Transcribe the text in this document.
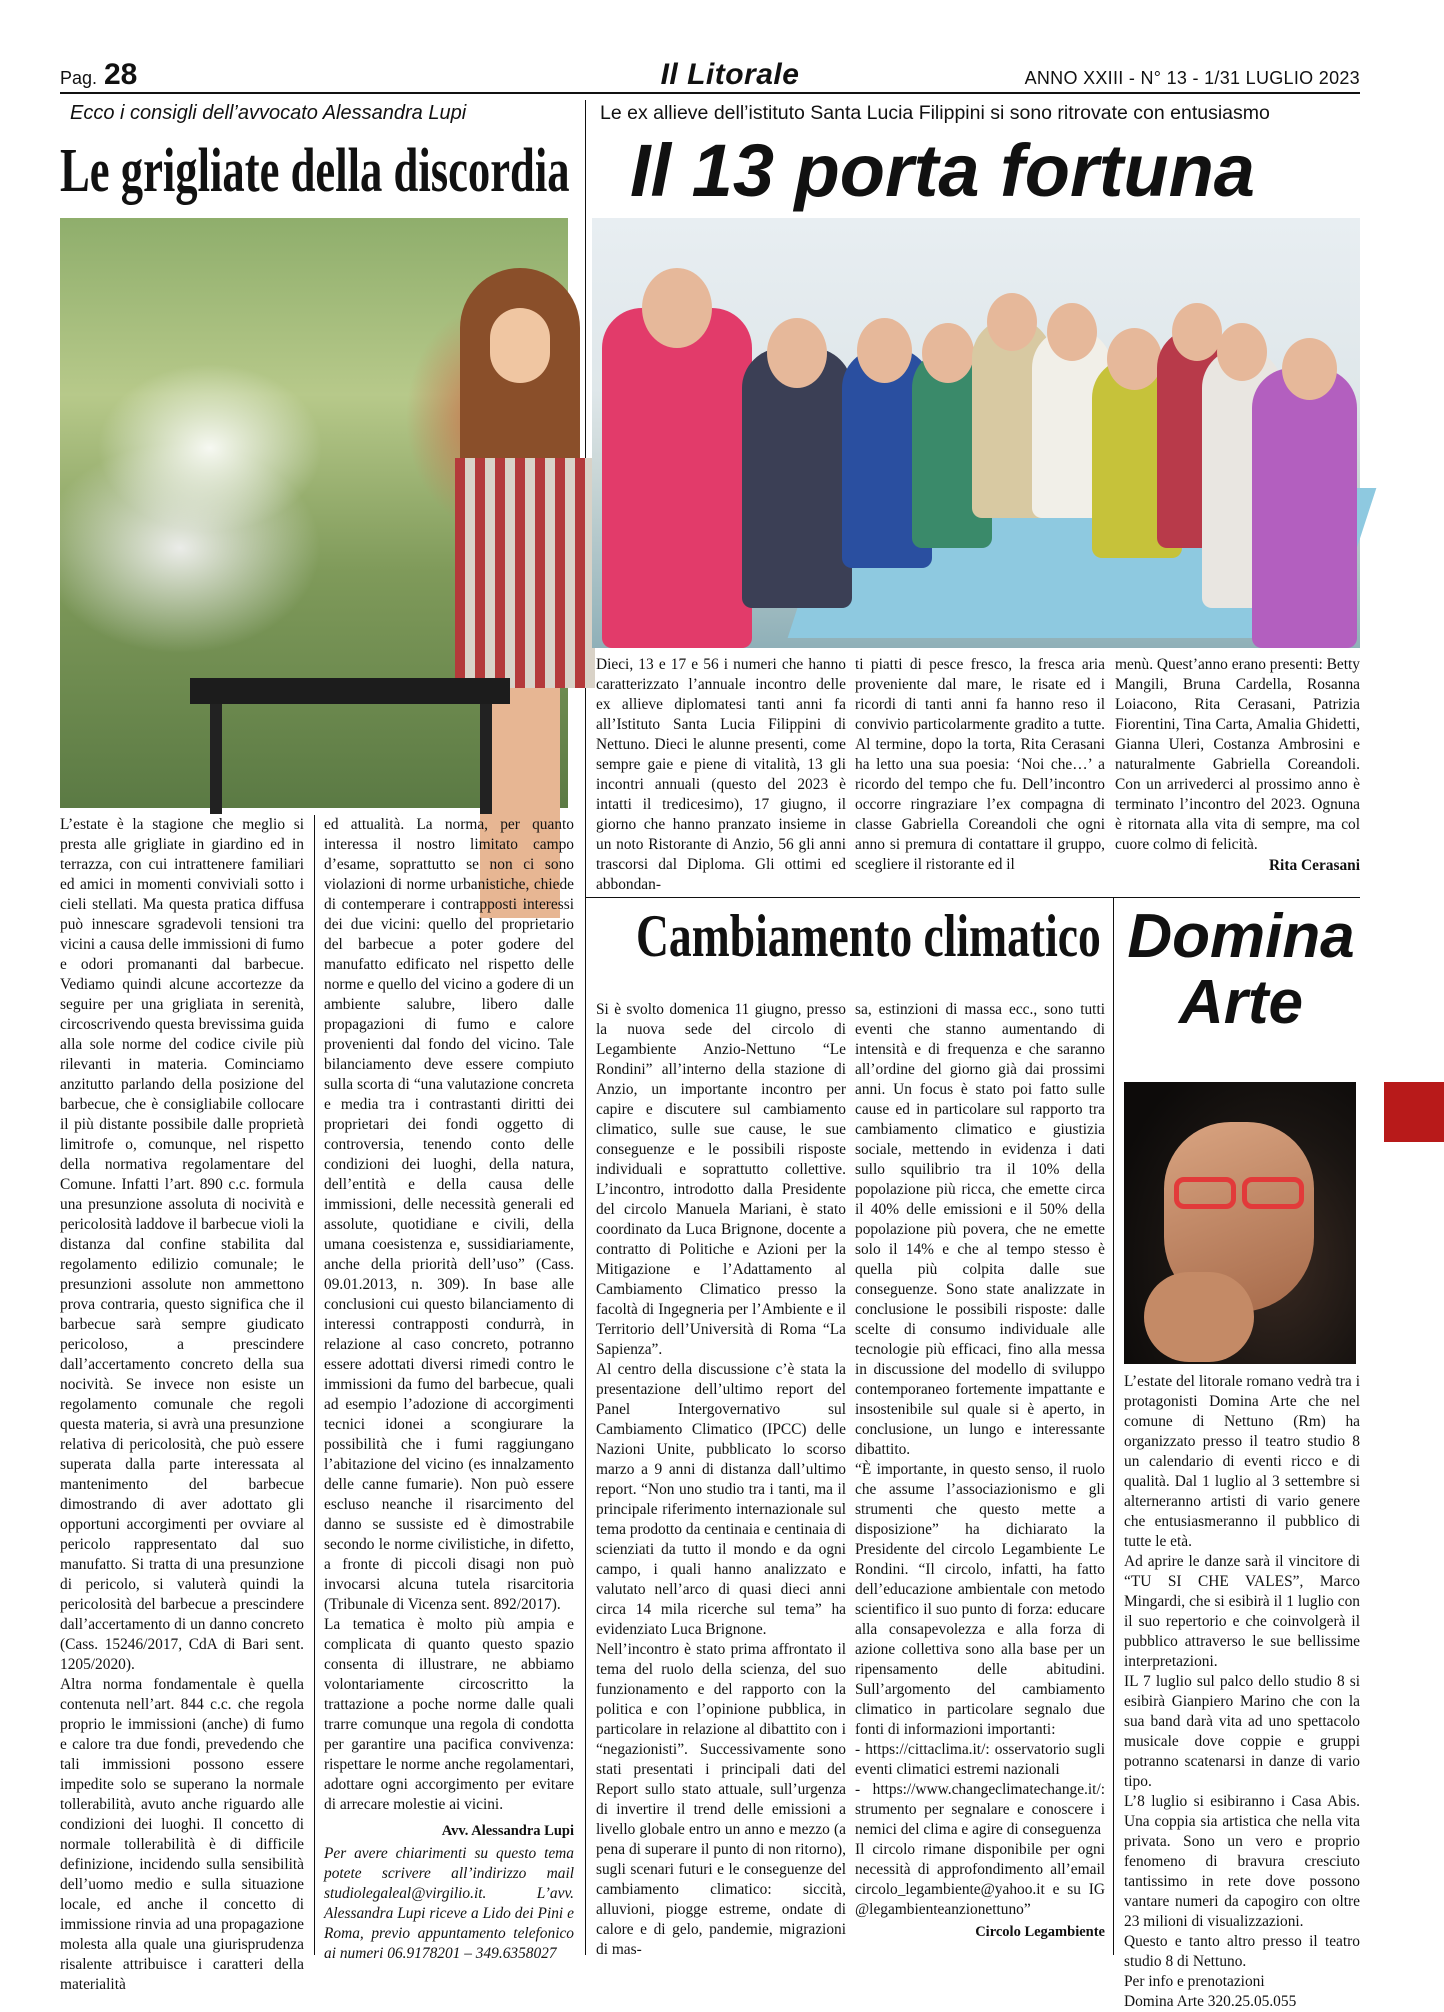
Pag. 28	Il Litorale	ANNO XXIII - N° 13 - 1/31 LUGLIO 2023
Ecco i consigli dell’avvocato Alessandra Lupi
Le grigliate della discordia

L’estate è la stagione che meglio si presta alle grigliate in giardino ed in terrazza, con cui intrattenere familiari ed amici in momenti conviviali sotto i cieli stellati. Ma questa pratica diffusa può innescare sgradevoli tensioni tra vicini a causa delle immissioni di fumo e odori promananti dal barbecue. Vediamo quindi alcune accortezze da seguire per una grigliata in serenità, circoscrivendo questa brevissima guida alla sole norme del codice civile più rilevanti in materia. Cominciamo anzitutto parlando della posizione del barbecue, che è consigliabile collocare il più distante possibile dalle proprietà limitrofe o, comunque, nel rispetto della normativa regolamentare del Comune. Infatti l’art. 890 c.c. formula una presunzione assoluta di nocività e pericolosità laddove il barbecue violi la distanza dal confine stabilita dal regolamento edilizio comunale; le presunzioni assolute non ammettono prova contraria, questo significa che il barbecue sarà sempre giudicato pericoloso, a prescindere dall’accertamento concreto della sua nocività. Se invece non esiste un regolamento comunale che regoli questa materia, si avrà una presunzione relativa di pericolosità, che può essere superata dalla parte interessata al mantenimento del barbecue dimostrando di aver adottato gli opportuni accorgimenti per ovviare al pericolo rappresentato dal suo manufatto. Si tratta di una presunzione di pericolo, si valuterà quindi la pericolosità del barbecue a prescindere dall’accertamento di un danno concreto (Cass. 15246/2017, CdA di Bari sent. 1205/2020).

Altra norma fondamentale è quella contenuta nell’art. 844 c.c. che regola proprio le immissioni (anche) di fumo e calore tra due fondi, prevedendo che tali immissioni possono essere impedite solo se superano la normale tollerabilità, avuto anche riguardo alle condizioni dei luoghi. Il concetto di normale tollerabilità è di difficile definizione, incidendo sulla sensibilità dell’uomo medio e sulla situazione locale, ed anche il concetto di immissione rinvia ad una propagazione molesta alla quale una giurisprudenza risalente attribuisce i caratteri della materialità

ed attualità. La norma, per quanto interessa il nostro limitato campo d’esame, soprattutto se non ci sono violazioni di norme urbanistiche, chiede di contemperare i contrapposti interessi dei due vicini: quello del proprietario del barbecue a poter godere del manufatto edificato nel rispetto delle norme e quello del vicino a godere di un ambiente salubre, libero dalle propagazioni di fumo e calore provenienti dal fondo del vicino. Tale bilanciamento deve essere compiuto sulla scorta di “una valutazione concreta e media tra i contrastanti diritti dei proprietari dei fondi oggetto di controversia, tenendo conto delle condizioni dei luoghi, della natura, dell’entità e della causa delle immissioni, delle necessità generali ed assolute, quotidiane e civili, della umana coesistenza e, sussidiariamente, anche della priorità dell’uso” (Cass. 09.01.2013, n. 309). In base alle conclusioni cui questo bilanciamento di interessi contrapposti condurrà, in relazione al caso concreto, potranno essere adottati diversi rimedi contro le immissioni da fumo del barbecue, quali ad esempio l’adozione di accorgimenti tecnici idonei a scongiurare la possibilità che i fumi raggiungano l’abitazione del vicino (es innalzamento delle canne fumarie). Non può essere escluso neanche il risarcimento del danno se sussiste ed è dimostrabile secondo le norme civilistiche, in difetto, a fronte di piccoli disagi non può invocarsi alcuna tutela risarcitoria (Tribunale di Vicenza sent. 892/2017).

La tematica è molto più ampia e complicata di quanto questo spazio consenta di illustrare, ne abbiamo volontariamente circoscritto la trattazione a poche norme dalle quali trarre comunque una regola di condotta per garantire una pacifica convivenza: rispettare le norme anche regolamentari, adottare ogni accorgimento per evitare di arrecare molestie ai vicini.

Avv. Alessandra Lupi
Per avere chiarimenti su questo tema potete scrivere all’indirizzo mail studiolegaleal@virgilio.it. L’avv. Alessandra Lupi riceve a Lido dei Pini e Roma, previo appuntamento telefonico ai numeri 06.9178201 – 349.6358027
Le ex allieve dell’istituto Santa Lucia Filippini si sono ritrovate con entusiasmo
Il 13 porta fortuna

Dieci, 13 e 17 e 56 i numeri che hanno caratterizzato l’annuale incontro delle ex allieve diplomatesi tanti anni fa all’Istituto Santa Lucia Filippini di Nettuno. Dieci le alunne presenti, come sempre gaie e piene di vitalità, 13 gli incontri annuali (questo del 2023 è intatti il tredicesimo), 17 giugno, il giorno che hanno pranzato insieme in un noto Ristorante di Anzio, 56 gli anni trascorsi dal Diploma. Gli ottimi ed abbondan-

ti piatti di pesce fresco, la fresca aria proveniente dal mare, le risate ed i ricordi di tanti anni fa hanno reso il convivio particolarmente gradito a tutte. Al termine, dopo la torta, Rita Cerasani ha letto una sua poesia: ‘Noi che…’ a ricordo del tempo che fu. Dell’incontro occorre ringraziare l’ex compagna di classe Gabriella Coreandoli che ogni anno si premura di contattare il gruppo, scegliere il ristorante ed il

menù. Quest’anno erano presenti: Betty Mangili, Bruna Cardella, Rosanna Loiacono, Rita Cerasani, Patrizia Fiorentini, Tina Carta, Amalia Ghidetti, Gianna Uleri, Costanza Ambrosini e naturalmente Gabriella Coreandoli. Con un arrivederci al prossimo anno è terminato l’incontro del 2023. Ognuna è ritornata alla vita di sempre, ma col cuore colmo di felicità.

Rita Cerasani
Cambiamento climatico

Si è svolto domenica 11 giugno, presso la nuova sede del circolo di Legambiente Anzio-Nettuno “Le Rondini” all’interno della stazione di Anzio, un importante incontro per capire e discutere sul cambiamento climatico, sulle sue cause, le sue conseguenze e le possibili risposte individuali e soprattutto collettive. L’incontro, introdotto dalla Presidente del circolo Manuela Mariani, è stato coordinato da Luca Brignone, docente a contratto di Politiche e Azioni per la Mitigazione e l’Adattamento al Cambiamento Climatico presso la facoltà di Ingegneria per l’Ambiente e il Territorio dell’Università di Roma “La Sapienza”.

Al centro della discussione c’è stata la presentazione dell’ultimo report del Panel Intergovernativo sul Cambiamento Climatico (IPCC) delle Nazioni Unite, pubblicato lo scorso marzo a 9 anni di distanza dall’ultimo report. “Non uno studio tra i tanti, ma il principale riferimento internazionale sul tema prodotto da centinaia e centinaia di scienziati da tutto il mondo e da ogni campo, i quali hanno analizzato e valutato nell’arco di quasi dieci anni circa 14 mila ricerche sul tema” ha evidenziato Luca Brignone.

Nell’incontro è stato prima affrontato il tema del ruolo della scienza, del suo funzionamento e del rapporto con la politica e con l’opinione pubblica, in particolare in relazione al dibattito con i “negazionisti”. Successivamente sono stati presentati i principali dati del Report sullo stato attuale, sull’urgenza di invertire il trend delle emissioni a livello globale entro un anno e mezzo (a pena di superare il punto di non ritorno), sugli scenari futuri e le conseguenze del cambiamento climatico: siccità, alluvioni, piogge estreme, ondate di calore e di gelo, pandemie, migrazioni di mas-

sa, estinzioni di massa ecc., sono tutti eventi che stanno aumentando di intensità e di frequenza e che saranno all’ordine del giorno già dai prossimi anni. Un focus è stato poi fatto sulle cause ed in particolare sul rapporto tra cambiamento climatico e giustizia sociale, mettendo in evidenza i dati sullo squilibrio tra il 10% della popolazione più ricca, che emette circa il 40% delle emissioni e il 50% della popolazione più povera, che ne emette solo il 14% e che al tempo stesso è quella più colpita dalle sue conseguenze. Sono state analizzate in conclusione le possibili risposte: dalle scelte di consumo individuale alle tecnologie più efficaci, fino alla messa in discussione del modello di sviluppo contemporaneo fortemente impattante e insostenibile sul quale si è aperto, in conclusione, un lungo e interessante dibattito.

“È importante, in questo senso, il ruolo che assume l’associazionismo e gli strumenti che questo mette a disposizione” ha dichiarato la Presidente del circolo Legambiente Le Rondini. “Il circolo, infatti, ha fatto dell’educazione ambientale con metodo scientifico il suo punto di forza: educare alla consapevolezza e alla forza di azione collettiva sono alla base per un ripensamento delle abitudini. Sull’argomento del cambiamento climatico in particolare segnalo due fonti di informazioni importanti:

- https://cittaclima.it/: osservatorio sugli eventi climatici estremi nazionali

- https://www.changeclimatechange.it/: strumento per segnalare e conoscere i nemici del clima e agire di conseguenza

Il circolo rimane disponibile per ogni necessità di approfondimento all’email circolo_legambiente@yahoo.it e su IG @legambienteanzionettuno”

Circolo Legambiente
Domina
Arte

L’estate del litorale romano vedrà tra i protagonisti Domina Arte che nel comune di Nettuno (Rm) ha organizzato presso il teatro studio 8 un calendario di eventi ricco e di qualità. Dal 1 luglio al 3 settembre si alterneranno artisti di vario genere che entusiasmeranno il pubblico di tutte le età.

Ad aprire le danze sarà il vincitore di “TU SI CHE VALES”, Marco Mingardi, che si esibirà il 1 luglio con il suo repertorio e che coinvolgerà il pubblico attraverso le sue bellissime interpretazioni.

IL 7 luglio sul palco dello studio 8 si esibirà Gianpiero Marino che con la sua band darà vita ad uno spettacolo musicale dove coppie e gruppi potranno scatenarsi in danze di vario tipo.

L’8 luglio si esibiranno i Casa Abis. Una coppia sia artistica che nella vita privata. Sono un vero e proprio fenomeno di bravura cresciuto tantissimo in rete dove possono vantare numeri da capogiro con oltre 23 milioni di visualizzazioni.

Questo e tanto altro presso il teatro studio 8 di Nettuno.

Per info e prenotazioni

Domina Arte 320.25.05.055
